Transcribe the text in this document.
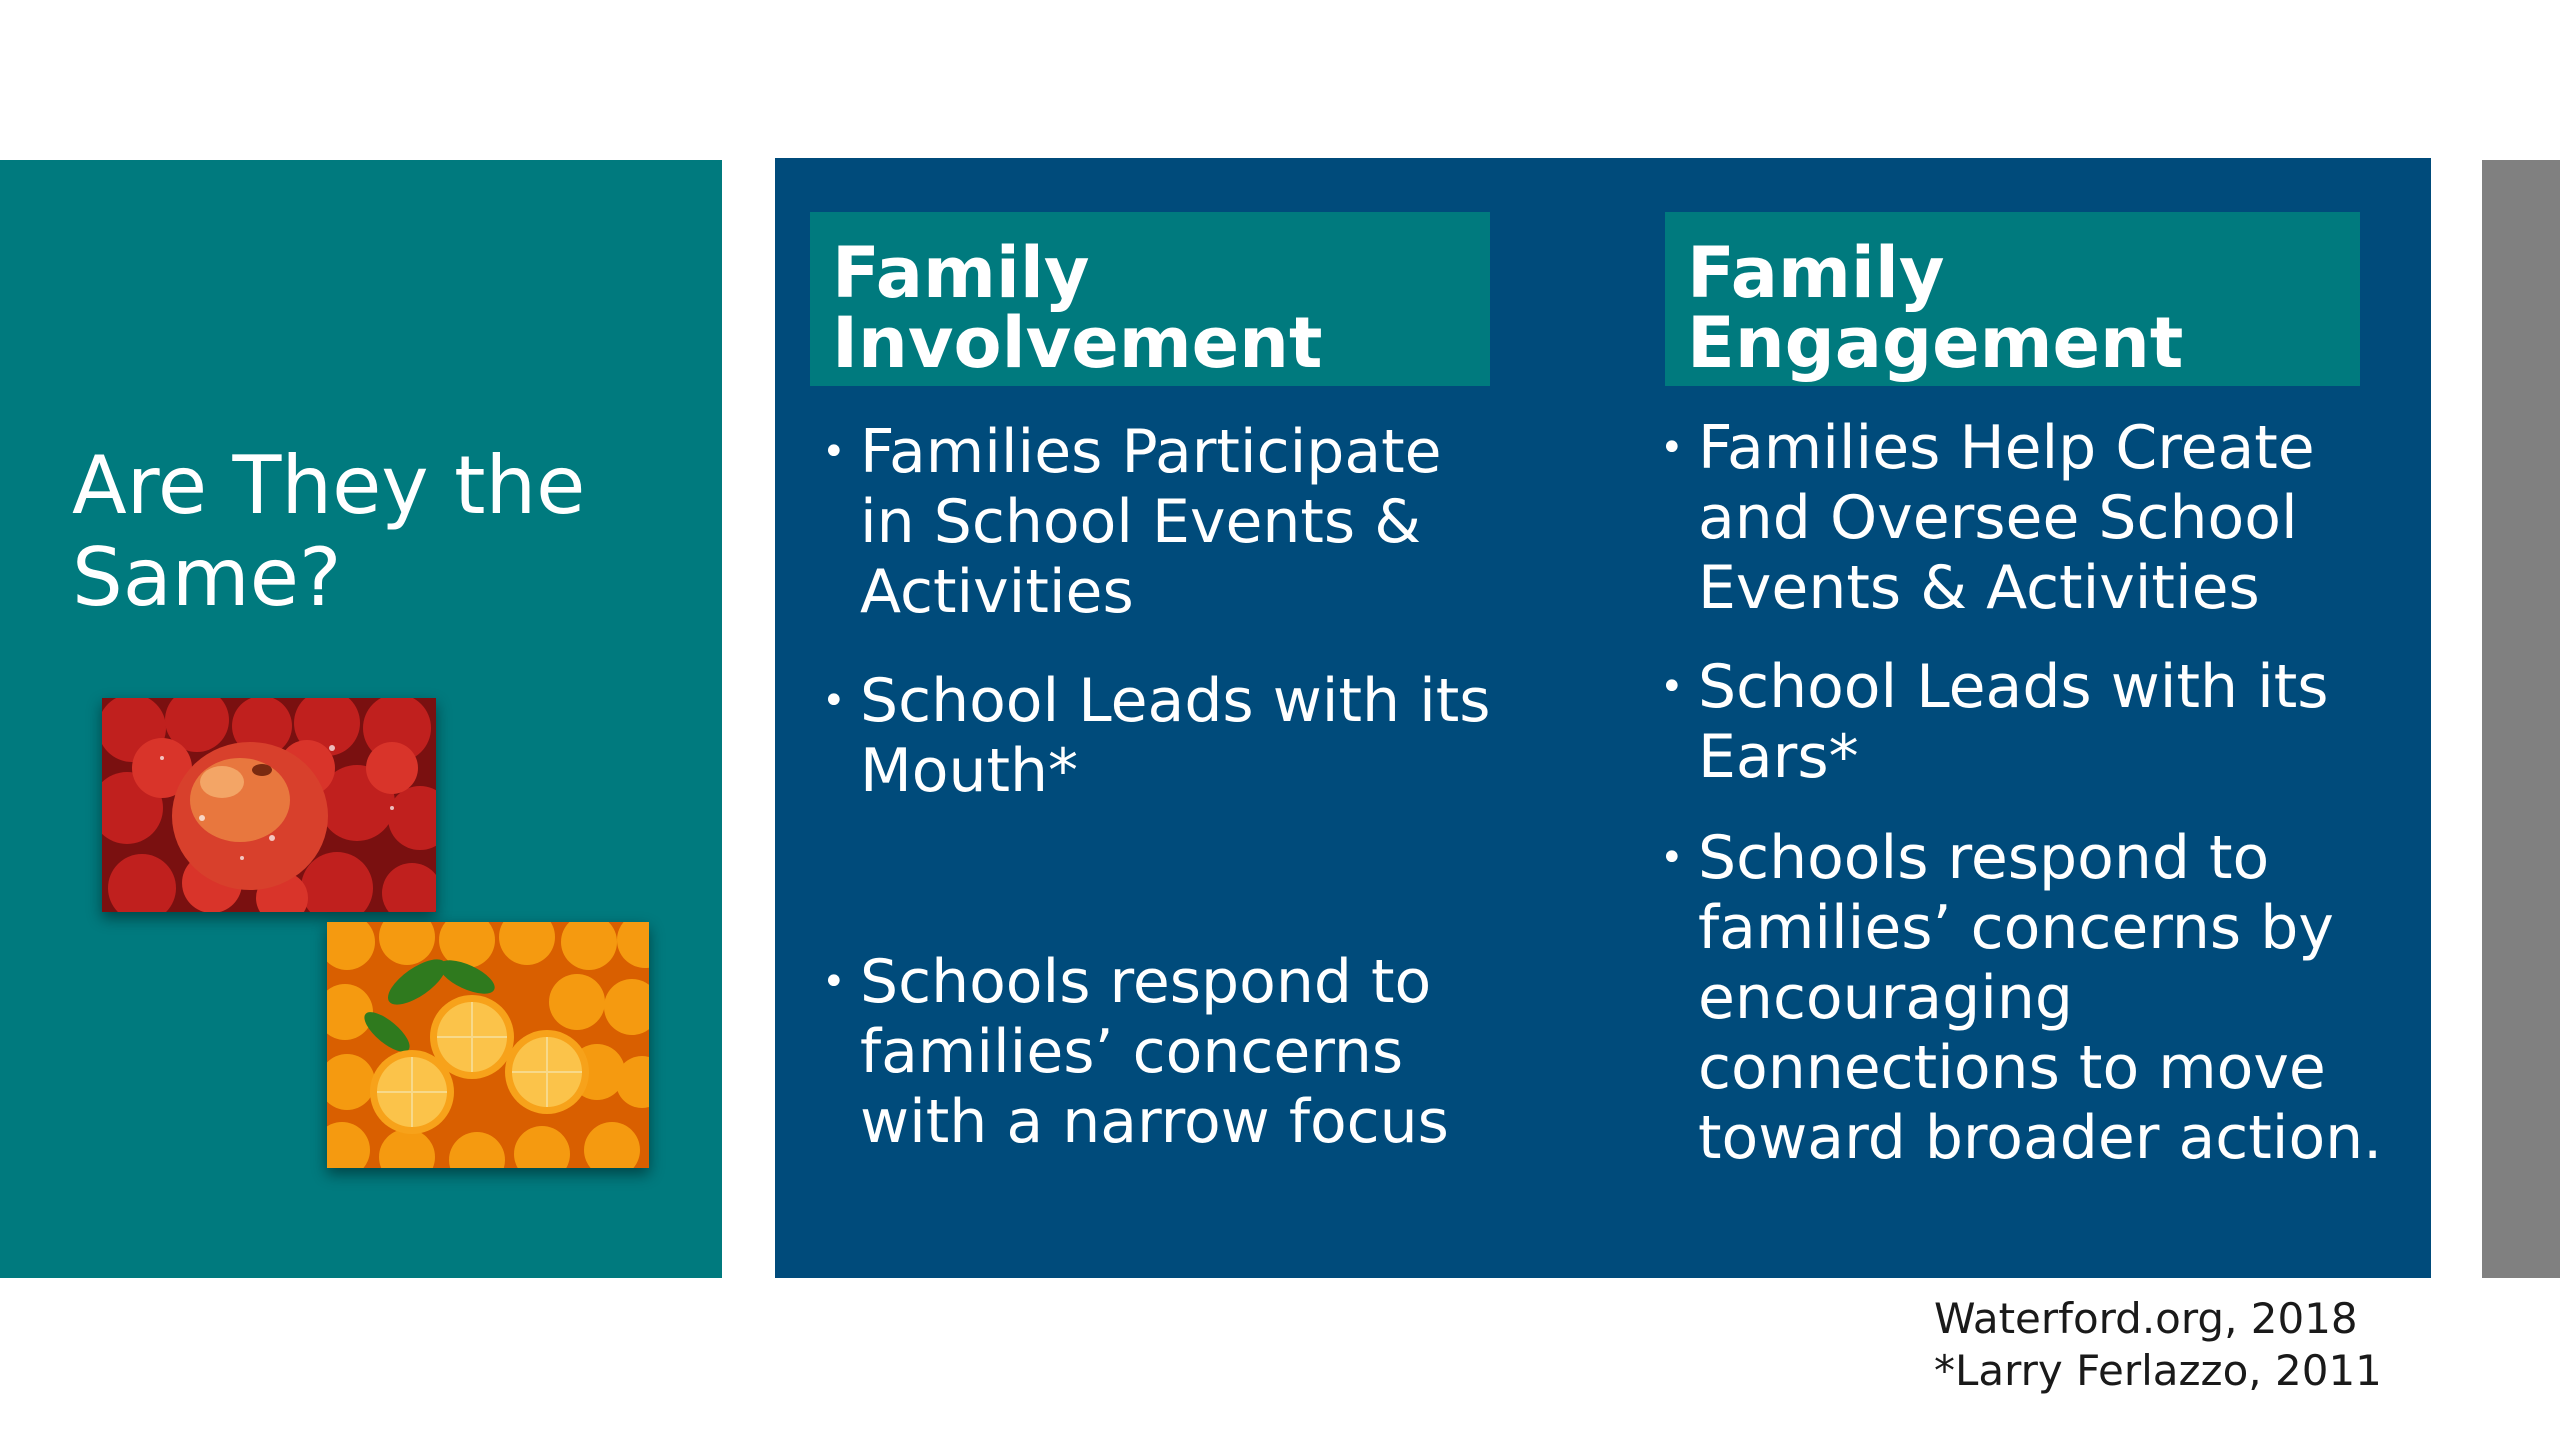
Are They the Same?
Family
Involvement
Family
Engagement
• Families Participate in School Events & Activities
• School Leads with its Mouth*
• Schools respond to families’ concerns with a narrow focus
• Families Help Create and Oversee School Events & Activities
• School Leads with its Ears*
• Schools respond to families’ concerns by encouraging connections to move toward broader action.
Waterford.org, 2018
*Larry Ferlazzo, 2011
